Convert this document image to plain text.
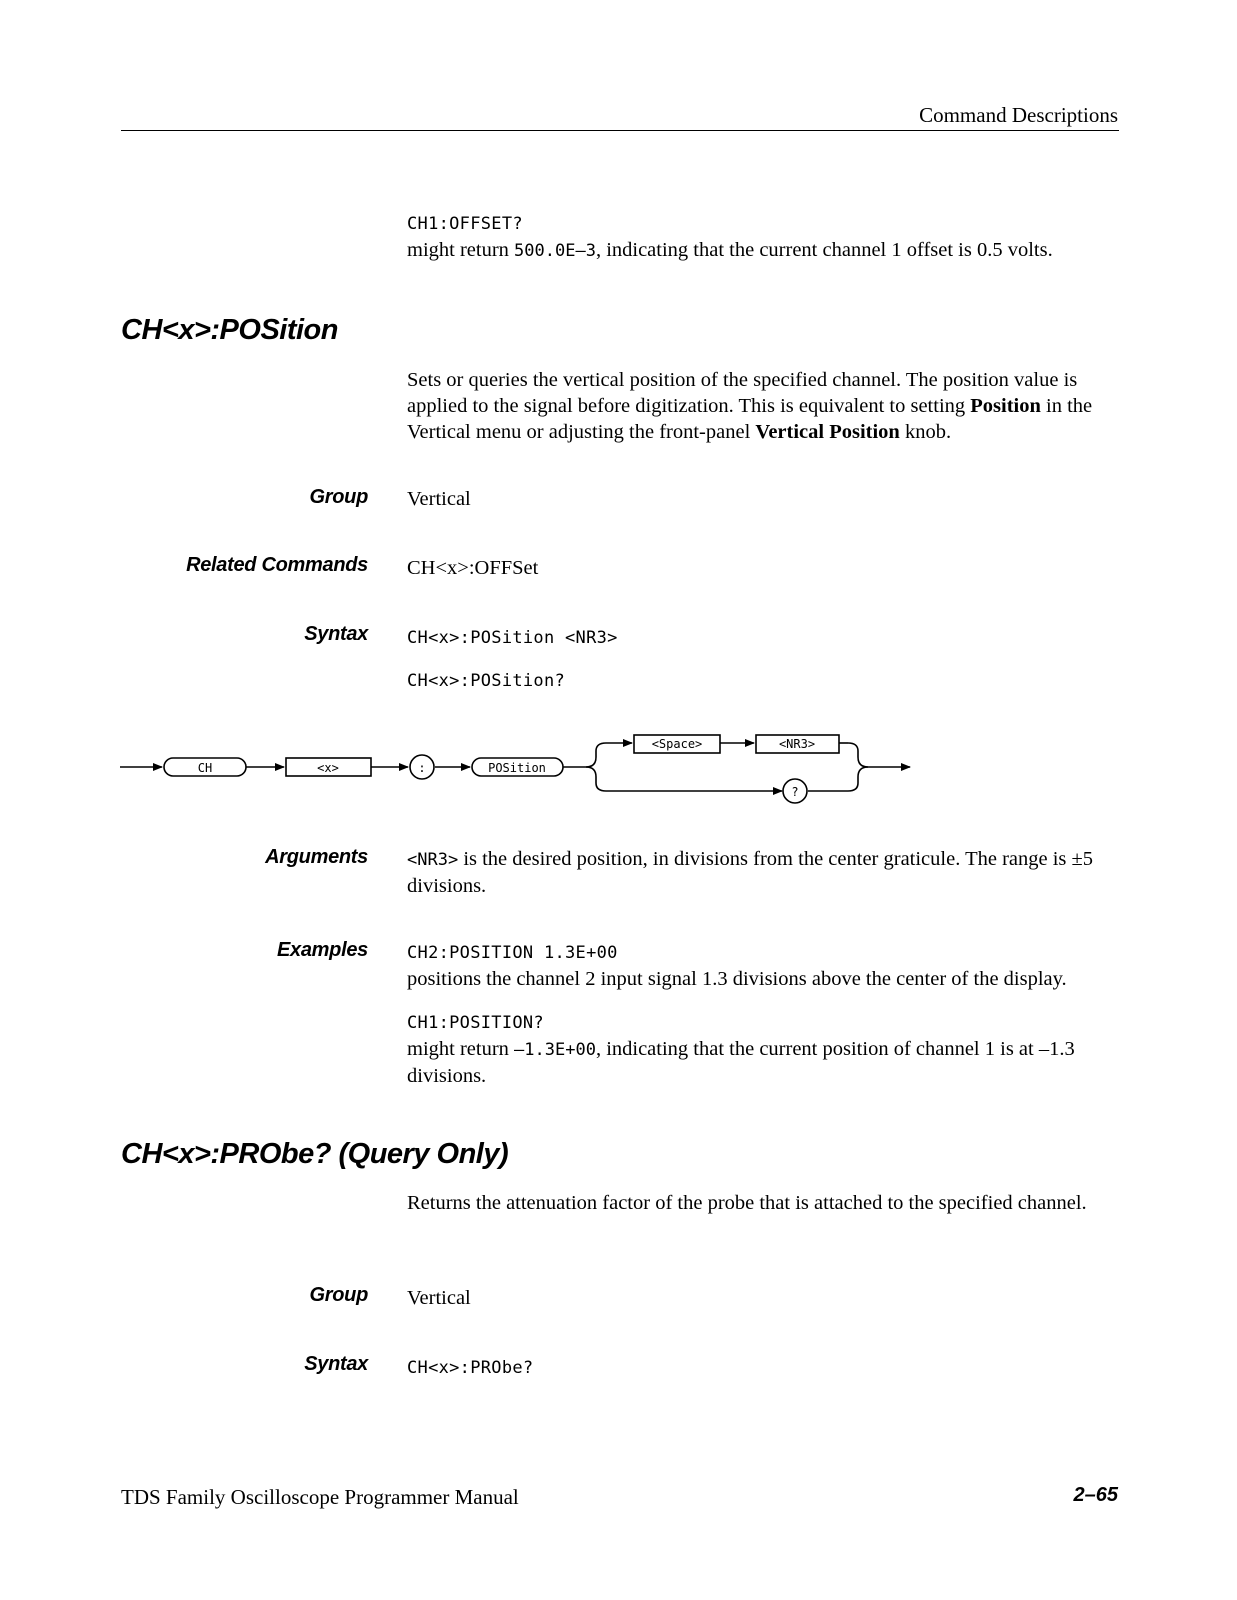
Command Descriptions
CH1:OFFSET?
might return 500.0E–3, indicating that the current channel 1 offset is 0.5 volts.
CH<x>:POSition
Sets or queries the vertical position of the specified channel. The position value is applied to the signal before digitization. This is equivalent to setting Position in the Vertical menu or adjusting the front-panel Vertical Position knob.
Group Vertical
Related Commands CH<x>:OFFSet
Syntax CH<x>:POSition <NR3>
CH<x>:POSition?
CH	<x>	:	POSition
<Space>	<NR3>
?
Arguments <NR3> is the desired position, in divisions from the center graticule. The range is ±5 divisions.
Examples CH2:POSITION 1.3E+00
positions the channel 2 input signal 1.3 divisions above the center of the display.
CH1:POSITION?
might return –1.3E+00, indicating that the current position of channel 1 is at –1.3 divisions.
CH<x>:PRObe? (Query Only)
Returns the attenuation factor of the probe that is attached to the specified channel.
Group Vertical
Syntax CH<x>:PRObe?
TDS Family Oscilloscope Programmer Manual	2–65
